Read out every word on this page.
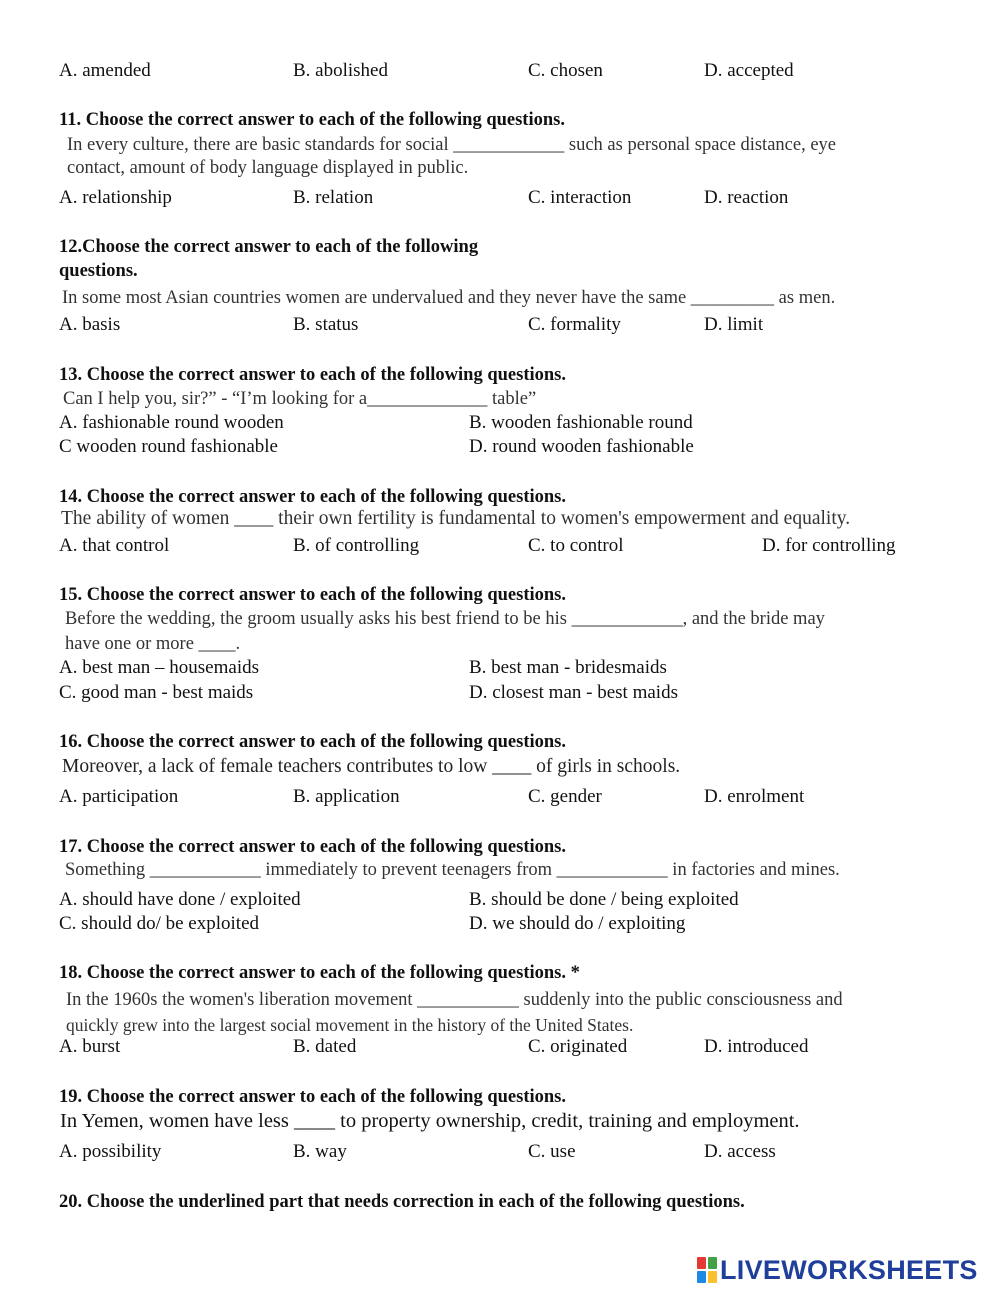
A. amended	B. abolished	C. chosen	D. accepted
11. Choose the correct answer to each of the following questions.
In every culture, there are basic standards for social ____________ such as personal space distance, eye
contact, amount of body language displayed in public.
A. relationship	B. relation	C. interaction	D. reaction
12.Choose the correct answer to each of the following
questions.
In some most Asian countries women are undervalued and they never have the same _________ as men.
A. basis	B. status	C. formality	D. limit
13. Choose the correct answer to each of the following questions.
Can I help you, sir?” - “I’m looking for a_____________ table”
A. fashionable round wooden	B. wooden fashionable round
C wooden round fashionable	D. round wooden fashionable
14. Choose the correct answer to each of the following questions.
The ability of women ____ their own fertility is fundamental to women's empowerment and equality.
A. that control	B. of controlling	C. to control	D. for controlling
15. Choose the correct answer to each of the following questions.
Before the wedding, the groom usually asks his best friend to be his ____________, and the bride may
have one or more ____.
A. best man – housemaids	B. best man - bridesmaids
C. good man - best maids	D. closest man - best maids
16. Choose the correct answer to each of the following questions.
Moreover, a lack of female teachers contributes to low ____ of girls in schools.
A. participation	B. application	C. gender	D. enrolment
17. Choose the correct answer to each of the following questions.
Something ____________ immediately to prevent teenagers from ____________ in factories and mines.
A. should have done / exploited	B. should be done / being exploited
C. should do/ be exploited	D. we should do / exploiting
18. Choose the correct answer to each of the following questions. *
In the 1960s the women's liberation movement ___________ suddenly into the public consciousness and
quickly grew into the largest social movement in the history of the United States.
A. burst	B. dated	C. originated	D. introduced
19. Choose the correct answer to each of the following questions.
In Yemen, women have less ____ to property ownership, credit, training and employment.
A. possibility	B. way	C. use	D. access
20. Choose the underlined part that needs correction in each of the following questions.
LIVEWORKSHEETS
